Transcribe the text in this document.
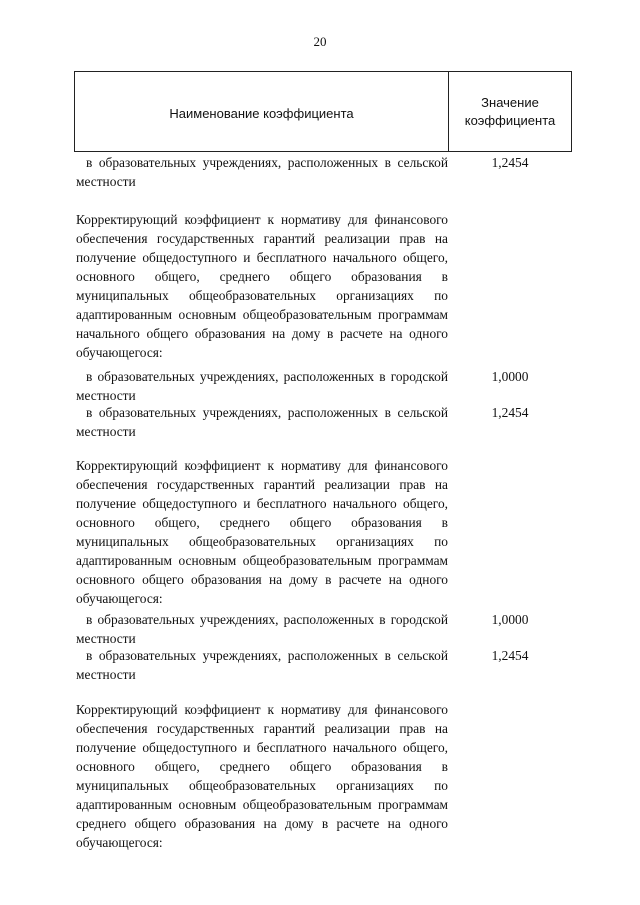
20
Наименование коэффициента
Значение
коэффициента
в образовательных учреждениях, расположенных в сельской местности
1,2454
Корректирующий коэффициент к нормативу для финансового обеспечения государственных гарантий реализации прав на получение общедоступного и бесплатного начального общего, основного общего, среднего общего образования в муниципальных общеобразовательных организациях по адаптированным основным общеобразовательным программам начального общего образования на дому в расчете на одного обучающегося:
в образовательных учреждениях, расположенных в городской местности
1,0000
в образовательных учреждениях, расположенных в сельской местности
1,2454
Корректирующий коэффициент к нормативу для финансового обеспечения государственных гарантий реализации прав на получение общедоступного и бесплатного начального общего, основного общего, среднего общего образования в муниципальных общеобразовательных организациях по адаптированным основным общеобразовательным программам основного общего образования на дому в расчете на одного обучающегося:
в образовательных учреждениях, расположенных в городской местности
1,0000
в образовательных учреждениях, расположенных в сельской местности
1,2454
Корректирующий коэффициент к нормативу для финансового обеспечения государственных гарантий реализации прав на получение общедоступного и бесплатного начального общего, основного общего, среднего общего образования в муниципальных общеобразовательных организациях по адаптированным основным общеобразовательным программам среднего общего образования на дому в расчете на одного обучающегося:
